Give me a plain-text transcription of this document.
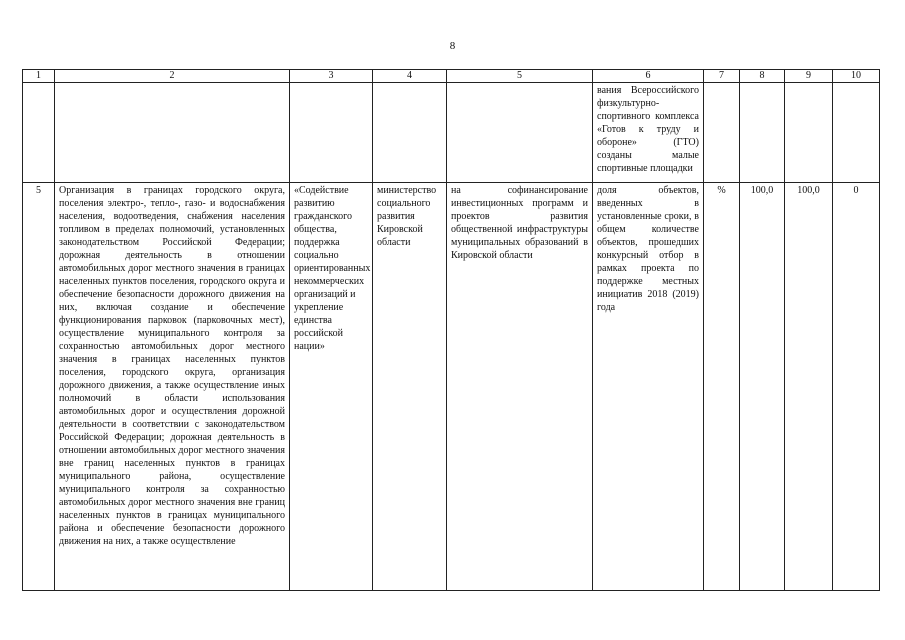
8
1	2	3	4	5	6	7	8	9	10
					вания Всероссийского физкультурно-спортивного комплекса «Готов к труду и обороне» (ГТО) созданы малые спортивные площадки				
5	Организация в границах городского округа, поселения электро-, тепло-, газо- и водоснабжения населения, водоотведения, снабжения населения топливом в пределах полномочий, установленных законодательством Российской Федерации; дорожная деятельность в отношении автомобильных дорог местного значения в границах населенных пунктов поселения, городского округа и обеспечение безопасности дорожного движения на них, включая создание и обеспечение функционирования парковок (парковочных мест), осуществление муниципального контроля за сохранностью автомобильных дорог местного значения в границах населенных пунктов поселения, городского округа, организация дорожного движения, а также осуществление иных полномочий в области использования автомобильных дорог и осуществления дорожной деятельности в соответствии с законодательством Российской Федерации; дорожная деятельность в отношении автомобильных дорог местного значения вне границ населенных пунктов в границах муниципального района, осуществление муниципального контроля за сохранностью автомобильных дорог местного значения вне границ населенных пунктов в границах муниципального района и обеспечение безопасности дорожного движения на них, а также осуществление	«Содействие развитию гражданского общества, поддержка социально ориентированных некоммерческих организаций и укрепление единства российской нации»	министерство социального развития Кировской области	на софинансирование инвестиционных программ и проектов развития общественной инфраструктуры муниципальных образований в Кировской области	доля объектов, введенных в установленные сроки, в общем количестве объектов, прошедших конкурсный отбор в рамках проекта по поддержке местных инициатив 2018 (2019) года	%	100,0	100,0	0
